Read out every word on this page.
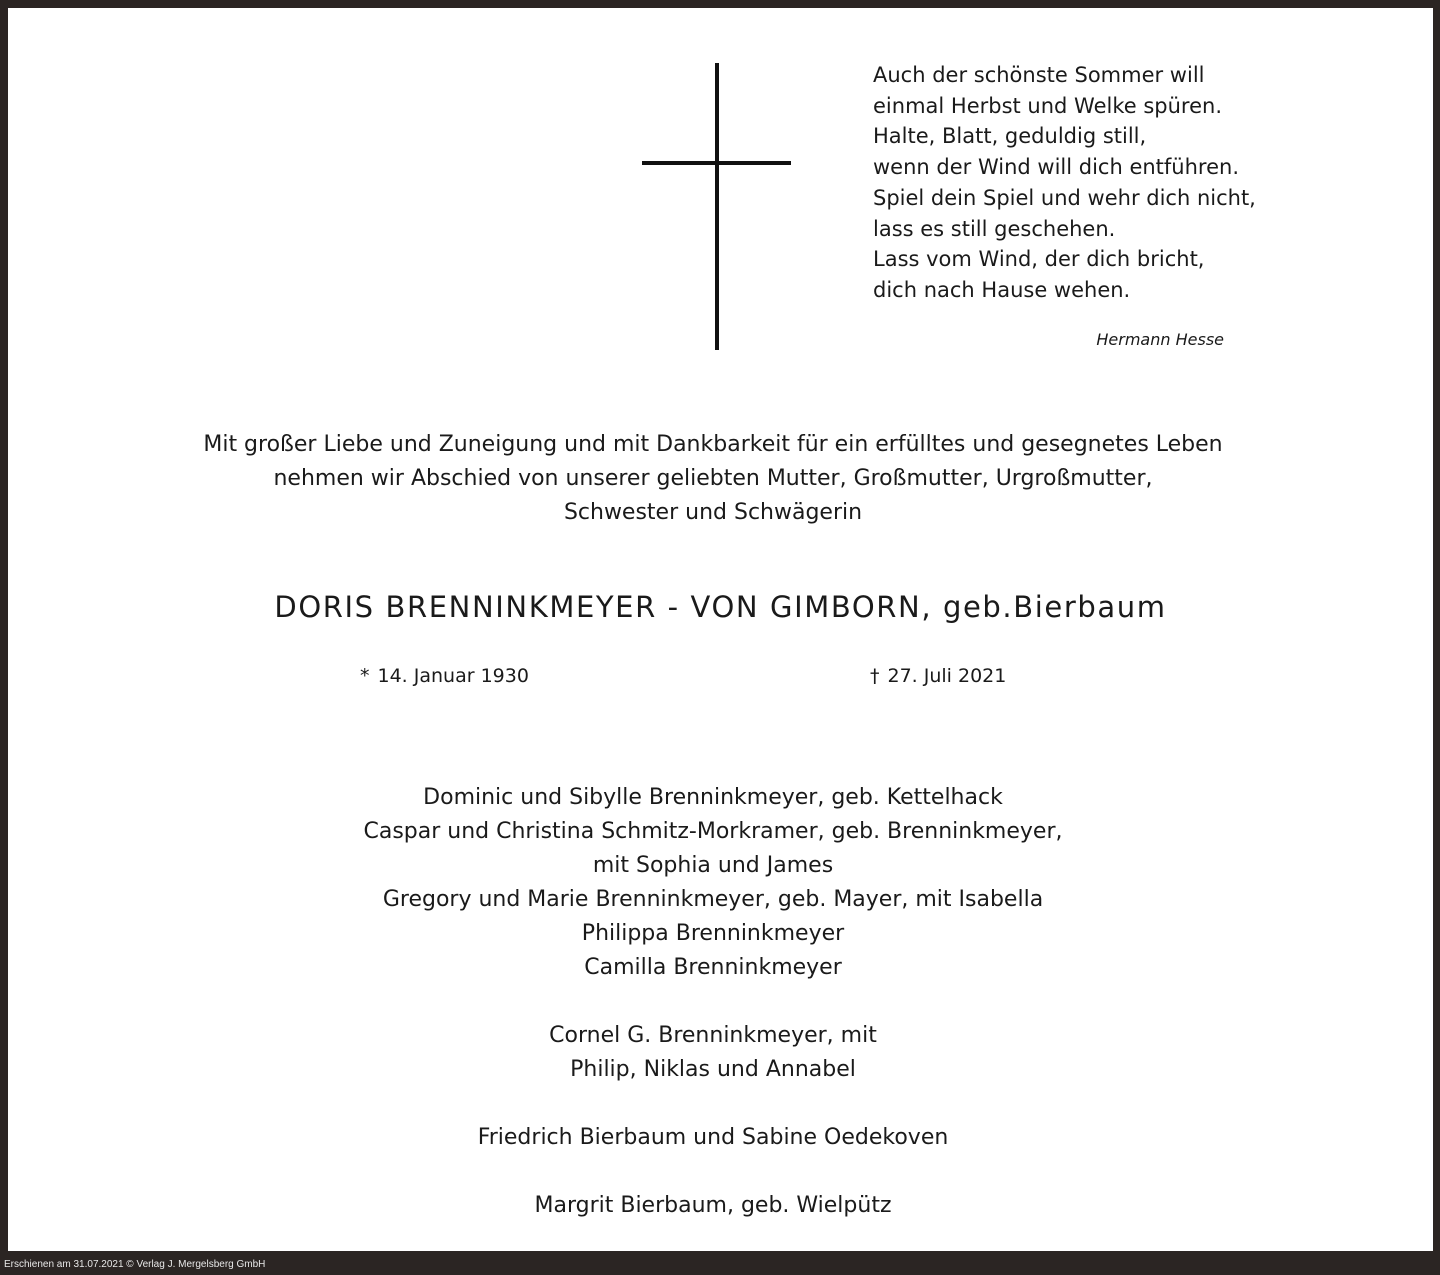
Auch der schönste Sommer will
einmal Herbst und Welke spüren.
Halte, Blatt, geduldig still,
wenn der Wind will dich entführen.
Spiel dein Spiel und wehr dich nicht,
lass es still geschehen.
Lass vom Wind, der dich bricht,
dich nach Hause wehen.
Hermann Hesse
Mit großer Liebe und Zuneigung und mit Dankbarkeit für ein erfülltes und gesegnetes Leben
nehmen wir Abschied von unserer geliebten Mutter, Großmutter, Urgroßmutter,
Schwester und Schwägerin
DORIS BRENNINKMEYER - VON GIMBORN, geb.Bierbaum
* 14. Januar 1930	† 27. Juli 2021
Dominic und Sibylle Brenninkmeyer, geb. Kettelhack
Caspar und Christina Schmitz-Morkramer, geb. Brenninkmeyer,
mit Sophia und James
Gregory und Marie Brenninkmeyer, geb. Mayer, mit Isabella
Philippa Brenninkmeyer
Camilla Brenninkmeyer
Cornel G. Brenninkmeyer, mit
Philip, Niklas und Annabel
Friedrich Bierbaum und Sabine Oedekoven
Margrit Bierbaum, geb. Wielpütz
Erschienen am 31.07.2021 © Verlag J. Mergelsberg GmbH
